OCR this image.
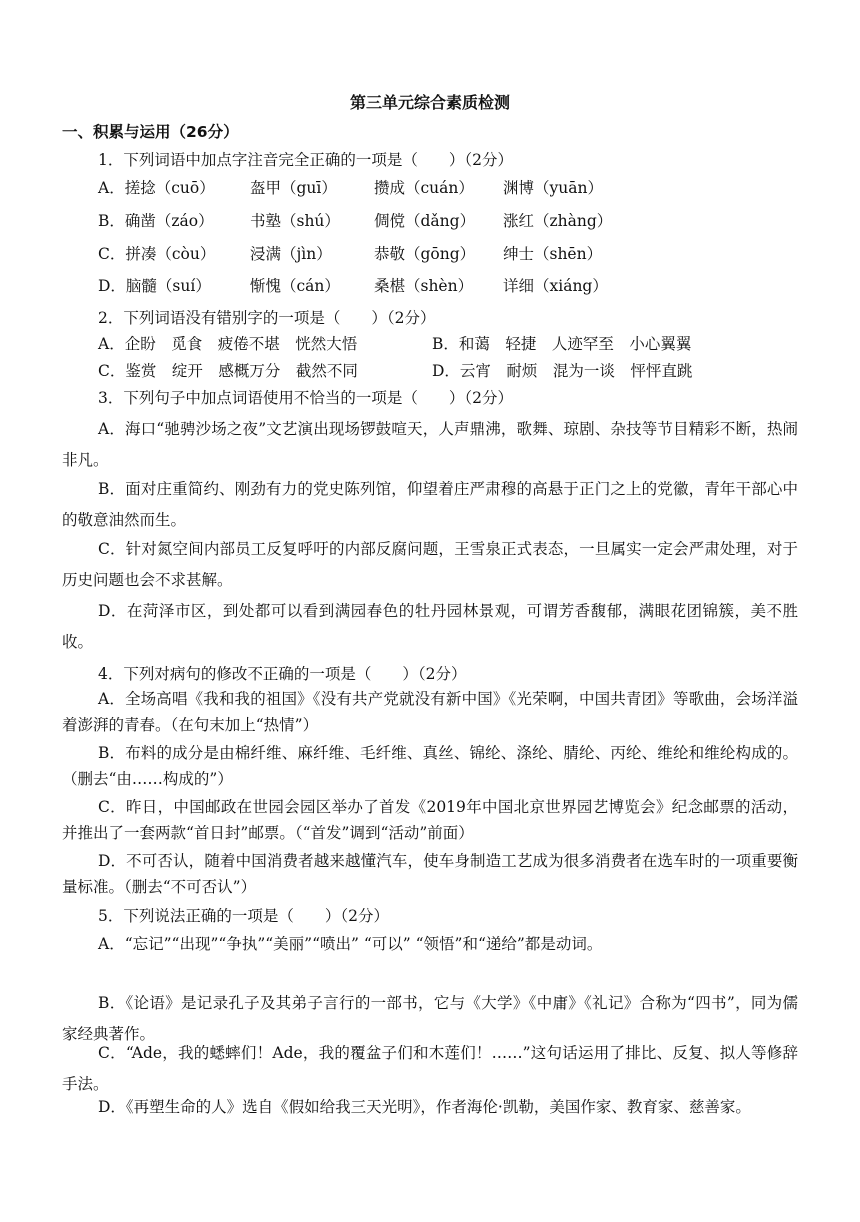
第三单元综合素质检测
一、积累与运用（26分）
1．下列词语中加点字注音完全正确的一项是（　　）（2分）
A．搓捻（cuō） 盔甲（guī） 攒成（cuán） 渊博（yuān）
B．确凿（záo） 书塾（shú） 倜傥（dǎng） 涨红（zhàng）
C．拼凑（còu） 浸满（jìn）	恭敬（gōng） 绅士（shēn）
D．脑髓（suí）	惭愧（cán） 桑椹（shèn） 详细（xiáng）
2．下列词语没有错别字的一项是（　　）（2分）
A．企盼　觅食　疲倦不堪　恍然大悟	B．和蔼　轻捷　人迹罕至　小心翼翼
C．鉴赏　绽开　感概万分　截然不同	D．云宵　耐烦　混为一谈　怦怦直跳
3．下列句子中加点词语使用不恰当的一项是（　　）（2分）
A．海口“驰骋沙场之夜”文艺演出现场锣鼓喧天，人声鼎沸，歌舞、琼剧、杂技等节目精彩不断，热闹非凡。
B．面对庄重简约、刚劲有力的党史陈列馆，仰望着庄严肃穆的高悬于正门之上的党徽，青年干部心中的敬意油然而生。
C．针对氮空间内部员工反复呼吁的内部反腐问题，王雪泉正式表态，一旦属实一定会严肃处理，对于历史问题也会不求甚解。
D．在菏泽市区，到处都可以看到满园春色的牡丹园林景观，可谓芳香馥郁，满眼花团锦簇，美不胜收。
4．下列对病句的修改不正确的一项是（　　）（2分）
A．全场高唱《我和我的祖国》《没有共产党就没有新中国》《光荣啊，中国共青团》等歌曲，会场洋溢着澎湃的青春。（在句末加上“热情”）
B．布料的成分是由棉纤维、麻纤维、毛纤维、真丝、锦纶、涤纶、腈纶、丙纶、维纶和维纶构成的。（删去“由……构成的”）
C．昨日，中国邮政在世园会园区举办了首发《2019年中国北京世界园艺博览会》纪念邮票的活动，并推出了一套两款“首日封”邮票。（“首发”调到“活动”前面）
D．不可否认，随着中国消费者越来越懂汽车，使车身制造工艺成为很多消费者在选车时的一项重要衡量标准。（删去“不可否认”）
5．下列说法正确的一项是（　　）（2分）
A．“忘记”“出现”“争执”“美丽”“喷出” “可以” “领悟”和“递给”都是动词。
B．《论语》是记录孔子及其弟子言行的一部书，它与《大学》《中庸》《礼记》合称为“四书”，同为儒家经典著作。
C．“Ade，我的蟋蟀们！Ade，我的覆盆子们和木莲们！……”这句话运用了排比、反复、拟人等修辞手法。
D．《再塑生命的人》选自《假如给我三天光明》，作者海伦·凯勒，美国作家、教育家、慈善家。
